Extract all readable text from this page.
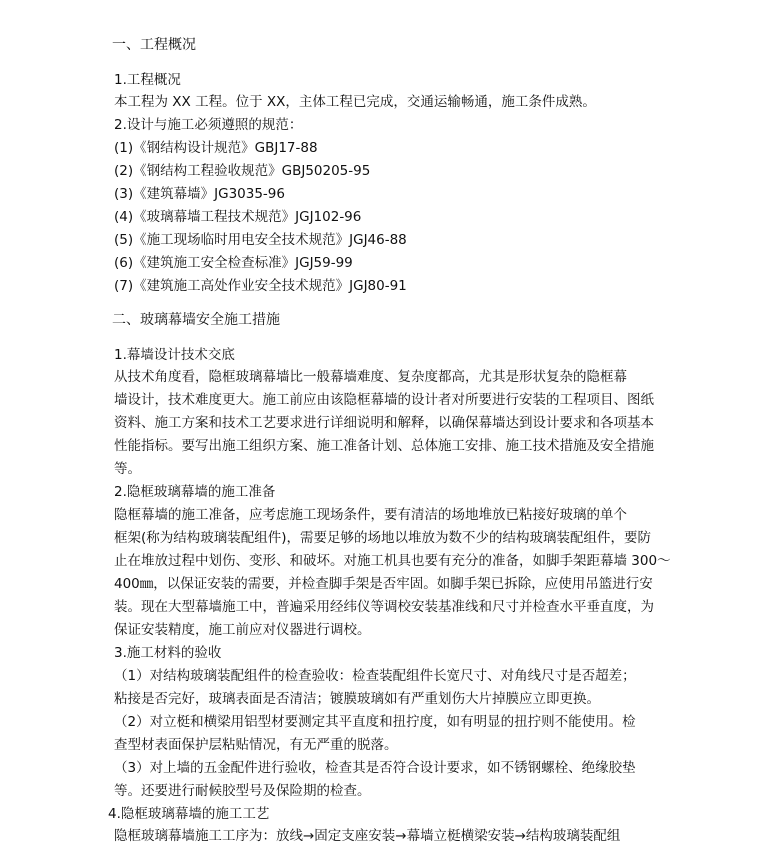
一、工程概况
1.工程概况
本工程为 XX 工程。位于 XX，主体工程已完成，交通运输畅通，施工条件成熟。
2.设计与施工必须遵照的规范：
(1)《钢结构设计规范》GBJ17-88
(2)《钢结构工程验收规范》GBJ50205-95
(3)《建筑幕墙》JG3035-96
(4)《玻璃幕墙工程技术规范》JGJ102-96
(5)《施工现场临时用电安全技术规范》JGJ46-88
(6)《建筑施工安全检查标准》JGJ59-99
(7)《建筑施工高处作业安全技术规范》JGJ80-91
二、玻璃幕墙安全施工措施
1.幕墙设计技术交底
从技术角度看，隐框玻璃幕墙比一般幕墙难度、复杂度都高，尤其是形状复杂的隐框幕
墙设计，技术难度更大。施工前应由该隐框幕墙的设计者对所要进行安装的工程项目、图纸
资料、施工方案和技术工艺要求进行详细说明和解释，以确保幕墙达到设计要求和各项基本
性能指标。要写出施工组织方案、施工准备计划、总体施工安排、施工技术措施及安全措施
等。
2.隐框玻璃幕墙的施工准备
隐框幕墙的施工准备，应考虑施工现场条件，要有清洁的场地堆放已粘接好玻璃的单个
框架(称为结构玻璃装配组件)，需要足够的场地以堆放为数不少的结构玻璃装配组件，要防
止在堆放过程中划伤、变形、和破坏。对施工机具也要有充分的准备，如脚手架距幕墙 300～
400㎜，以保证安装的需要，并检查脚手架是否牢固。如脚手架已拆除，应使用吊篮进行安
装。现在大型幕墙施工中，普遍采用经纬仪等调校安装基准线和尺寸并检查水平垂直度，为
保证安装精度，施工前应对仪器进行调校。
3.施工材料的验收
（1）对结构玻璃装配组件的检查验收：检查装配组件长宽尺寸、对角线尺寸是否超差；
粘接是否完好，玻璃表面是否清洁；镀膜玻璃如有严重划伤大片掉膜应立即更换。
（2）对立梃和横梁用铝型材要测定其平直度和扭拧度，如有明显的扭拧则不能使用。检
查型材表面保护层粘贴情况，有无严重的脱落。
（3）对上墙的五金配件进行验收，检查其是否符合设计要求，如不锈钢螺栓、绝缘胶垫
等。还要进行耐候胶型号及保险期的检查。
4.隐框玻璃幕墙的施工工艺
隐框玻璃幕墙施工工序为：放线→固定支座安装→幕墙立梃横梁安装→结构玻璃装配组
